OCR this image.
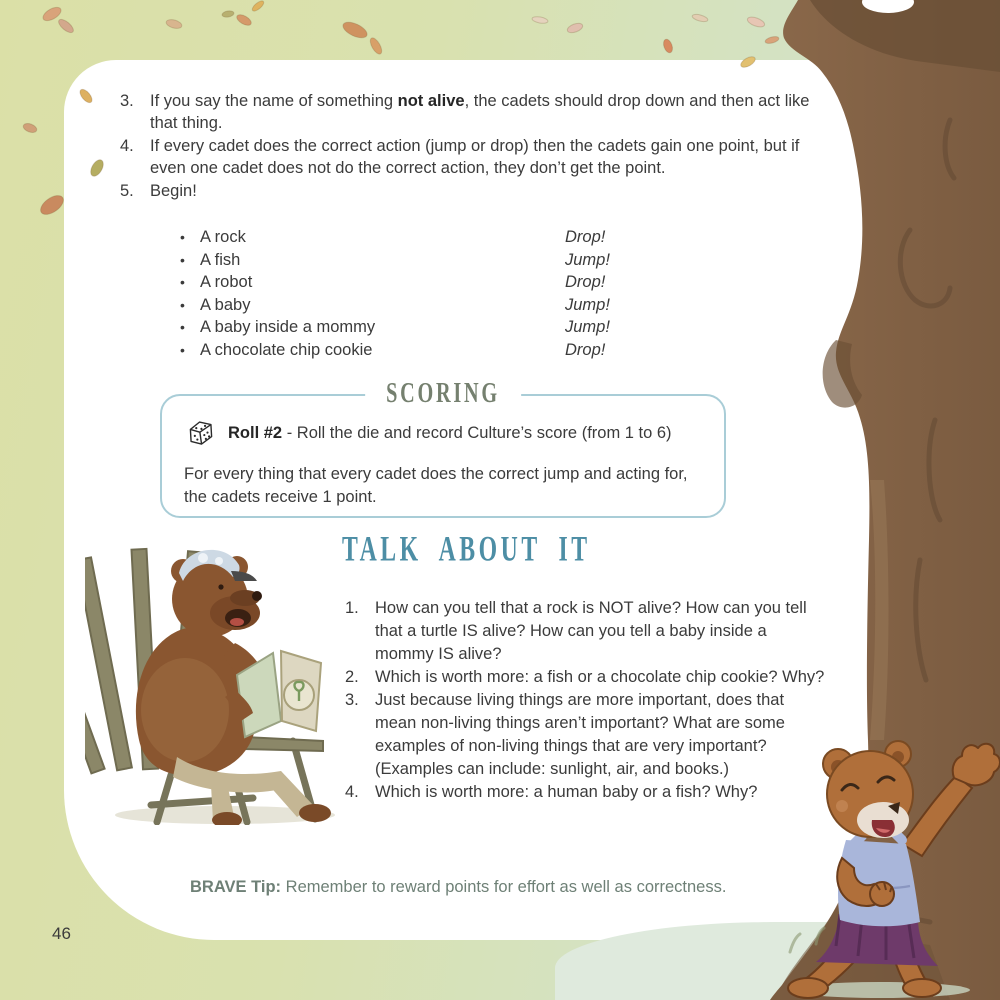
3. If you say the name of something not alive, the cadets should drop down and then act like that thing.
4. If every cadet does the correct action (jump or drop) then the cadets gain one point, but if even one cadet does not do the correct action, they don’t get the point.
5. Begin!
• A rock	Drop!
• A fish	Jump!
• A robot	Drop!
• A baby	Jump!
• A baby inside a mommy	Jump!
• A chocolate chip cookie	Drop!
SCORING
Roll #2 - Roll the die and record Culture’s score (from 1 to 6)
For every thing that every cadet does the correct jump and acting for, the cadets receive 1 point.
TALK ABOUT IT
1. How can you tell that a rock is NOT alive? How can you tell that a turtle IS alive? How can you tell a baby inside a mommy IS alive?
2. Which is worth more: a fish or a chocolate chip cookie? Why?
3. Just because living things are more important, does that mean non-living things aren’t important? What are some examples of non-living things that are very important? (Examples can include: sunlight, air, and books.)
4. Which is worth more: a human baby or a fish? Why?
BRAVE Tip: Remember to reward points for effort as well as correctness.
46
